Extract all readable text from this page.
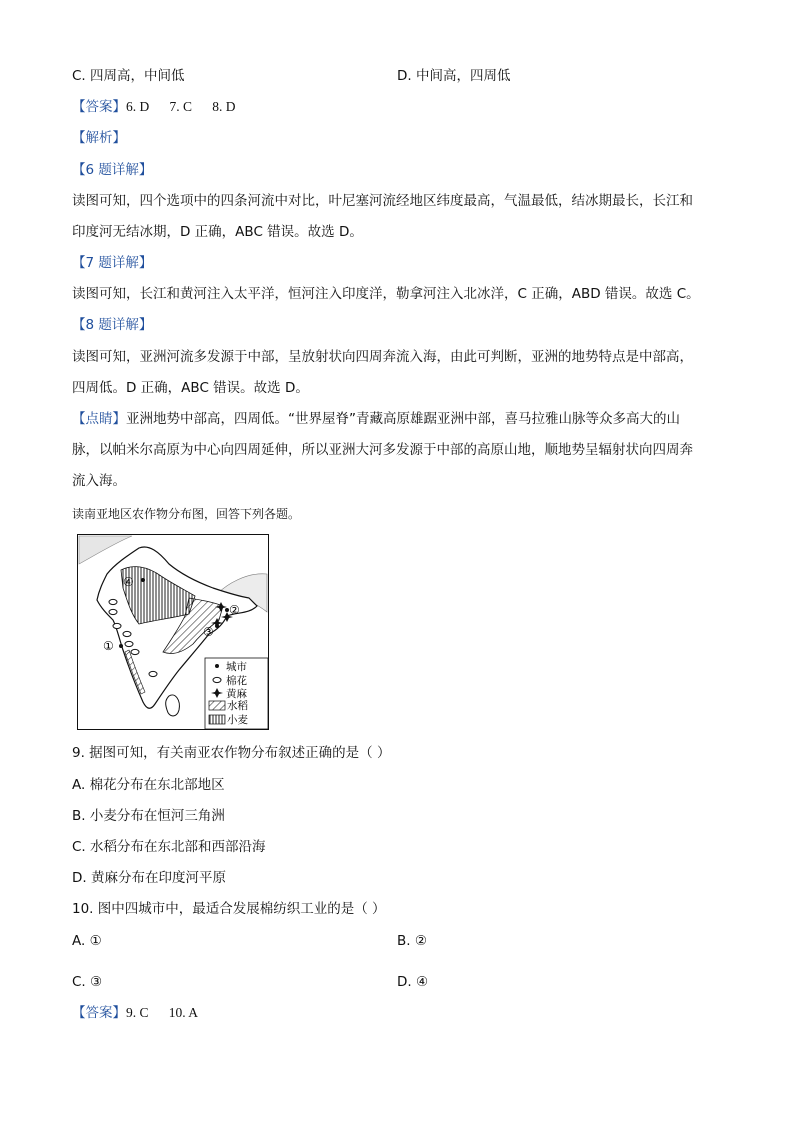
C. 四周高，中间低	D. 中间高，四周低
【答案】6. D      7. C      8. D
【解析】
【6 题详解】
读图可知，四个选项中的四条河流中对比，叶尼塞河流经地区纬度最高，气温最低，结冰期最长，长江和
印度河无结冰期，D 正确，ABC 错误。故选 D。
【7 题详解】
读图可知，长江和黄河注入太平洋，恒河注入印度洋，勒拿河注入北冰洋，C 正确，ABD 错误。故选 C。
【8 题详解】
读图可知，亚洲河流多发源于中部，呈放射状向四周奔流入海，由此可判断，亚洲的地势特点是中部高，
四周低。D 正确，ABC 错误。故选 D。
【点睛】亚洲地势中部高，四周低。“世界屋脊”青藏高原雄踞亚洲中部，喜马拉雅山脉等众多高大的山
脉，以帕米尔高原为中心向四周延伸，所以亚洲大河多发源于中部的高原山地，顺地势呈辐射状向四周奔
流入海。
读南亚地区农作物分布图，回答下列各题。
④
②
③
①
城市
棉花
黄麻
水稻
小麦
9. 据图可知，有关南亚农作物分布叙述正确的是（ ）
A. 棉花分布在东北部地区
B. 小麦分布在恒河三角洲
C. 水稻分布在东北部和西部沿海
D. 黄麻分布在印度河平原
10. 图中四城市中，最适合发展棉纺织工业的是（ ）
A. ①	B. ②
C. ③	D. ④
【答案】9. C      10. A
